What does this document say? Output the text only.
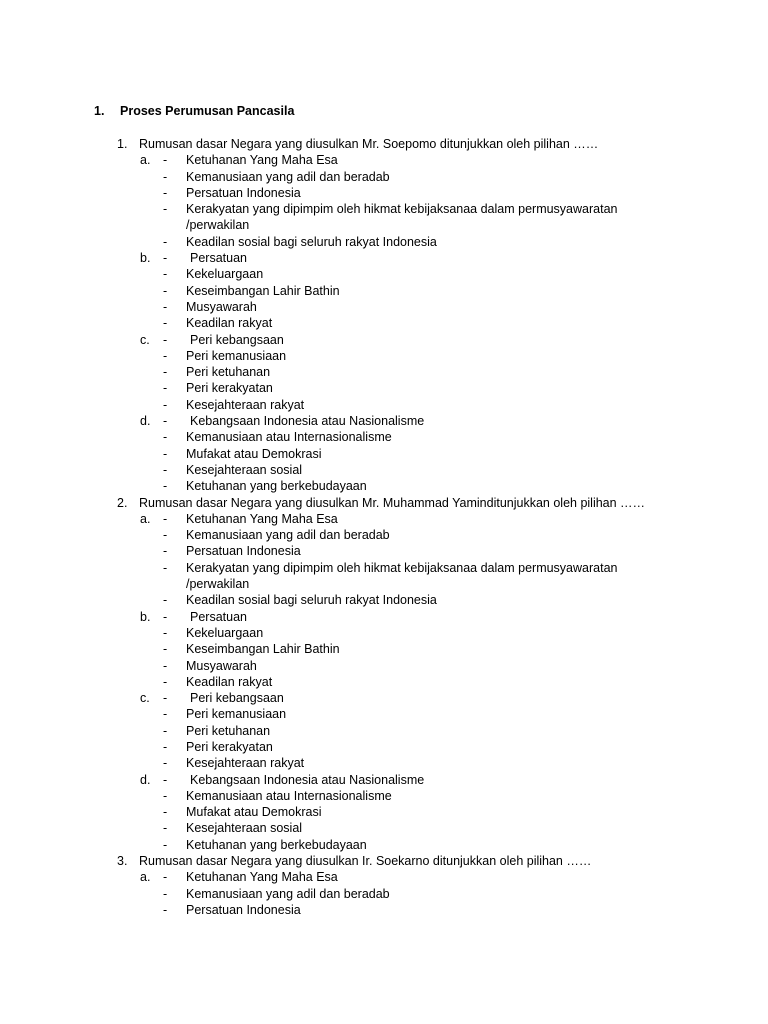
1. Proses Perumusan Pancasila
1. Rumusan dasar Negara yang diusulkan Mr. Soepomo ditunjukkan oleh pilihan ……
a. - Ketuhanan Yang Maha Esa
- Kemanusiaan yang adil dan beradab
- Persatuan Indonesia
- Kerakyatan yang dipimpim oleh hikmat kebijaksanaa dalam permusyawaratan /perwakilan
- Keadilan sosial bagi seluruh rakyat Indonesia
b. - Persatuan
- Kekeluargaan
- Keseimbangan Lahir Bathin
- Musyawarah
- Keadilan rakyat
c. - Peri kebangsaan
- Peri kemanusiaan
- Peri ketuhanan
- Peri kerakyatan
- Kesejahteraan rakyat
d. - Kebangsaan Indonesia atau Nasionalisme
- Kemanusiaan atau Internasionalisme
- Mufakat atau Demokrasi
- Kesejahteraan sosial
- Ketuhanan yang berkebudayaan
2. Rumusan dasar Negara yang diusulkan Mr. Muhammad Yaminditunjukkan oleh pilihan ……
a. - Ketuhanan Yang Maha Esa
- Kemanusiaan yang adil dan beradab
- Persatuan Indonesia
- Kerakyatan yang dipimpim oleh hikmat kebijaksanaa dalam permusyawaratan /perwakilan
- Keadilan sosial bagi seluruh rakyat Indonesia
b. - Persatuan
- Kekeluargaan
- Keseimbangan Lahir Bathin
- Musyawarah
- Keadilan rakyat
c. - Peri kebangsaan
- Peri kemanusiaan
- Peri ketuhanan
- Peri kerakyatan
- Kesejahteraan rakyat
d. - Kebangsaan Indonesia atau Nasionalisme
- Kemanusiaan atau Internasionalisme
- Mufakat atau Demokrasi
- Kesejahteraan sosial
- Ketuhanan yang berkebudayaan
3. Rumusan dasar Negara yang diusulkan Ir. Soekarno ditunjukkan oleh pilihan ……
a. - Ketuhanan Yang Maha Esa
- Kemanusiaan yang adil dan beradab
- Persatuan Indonesia
